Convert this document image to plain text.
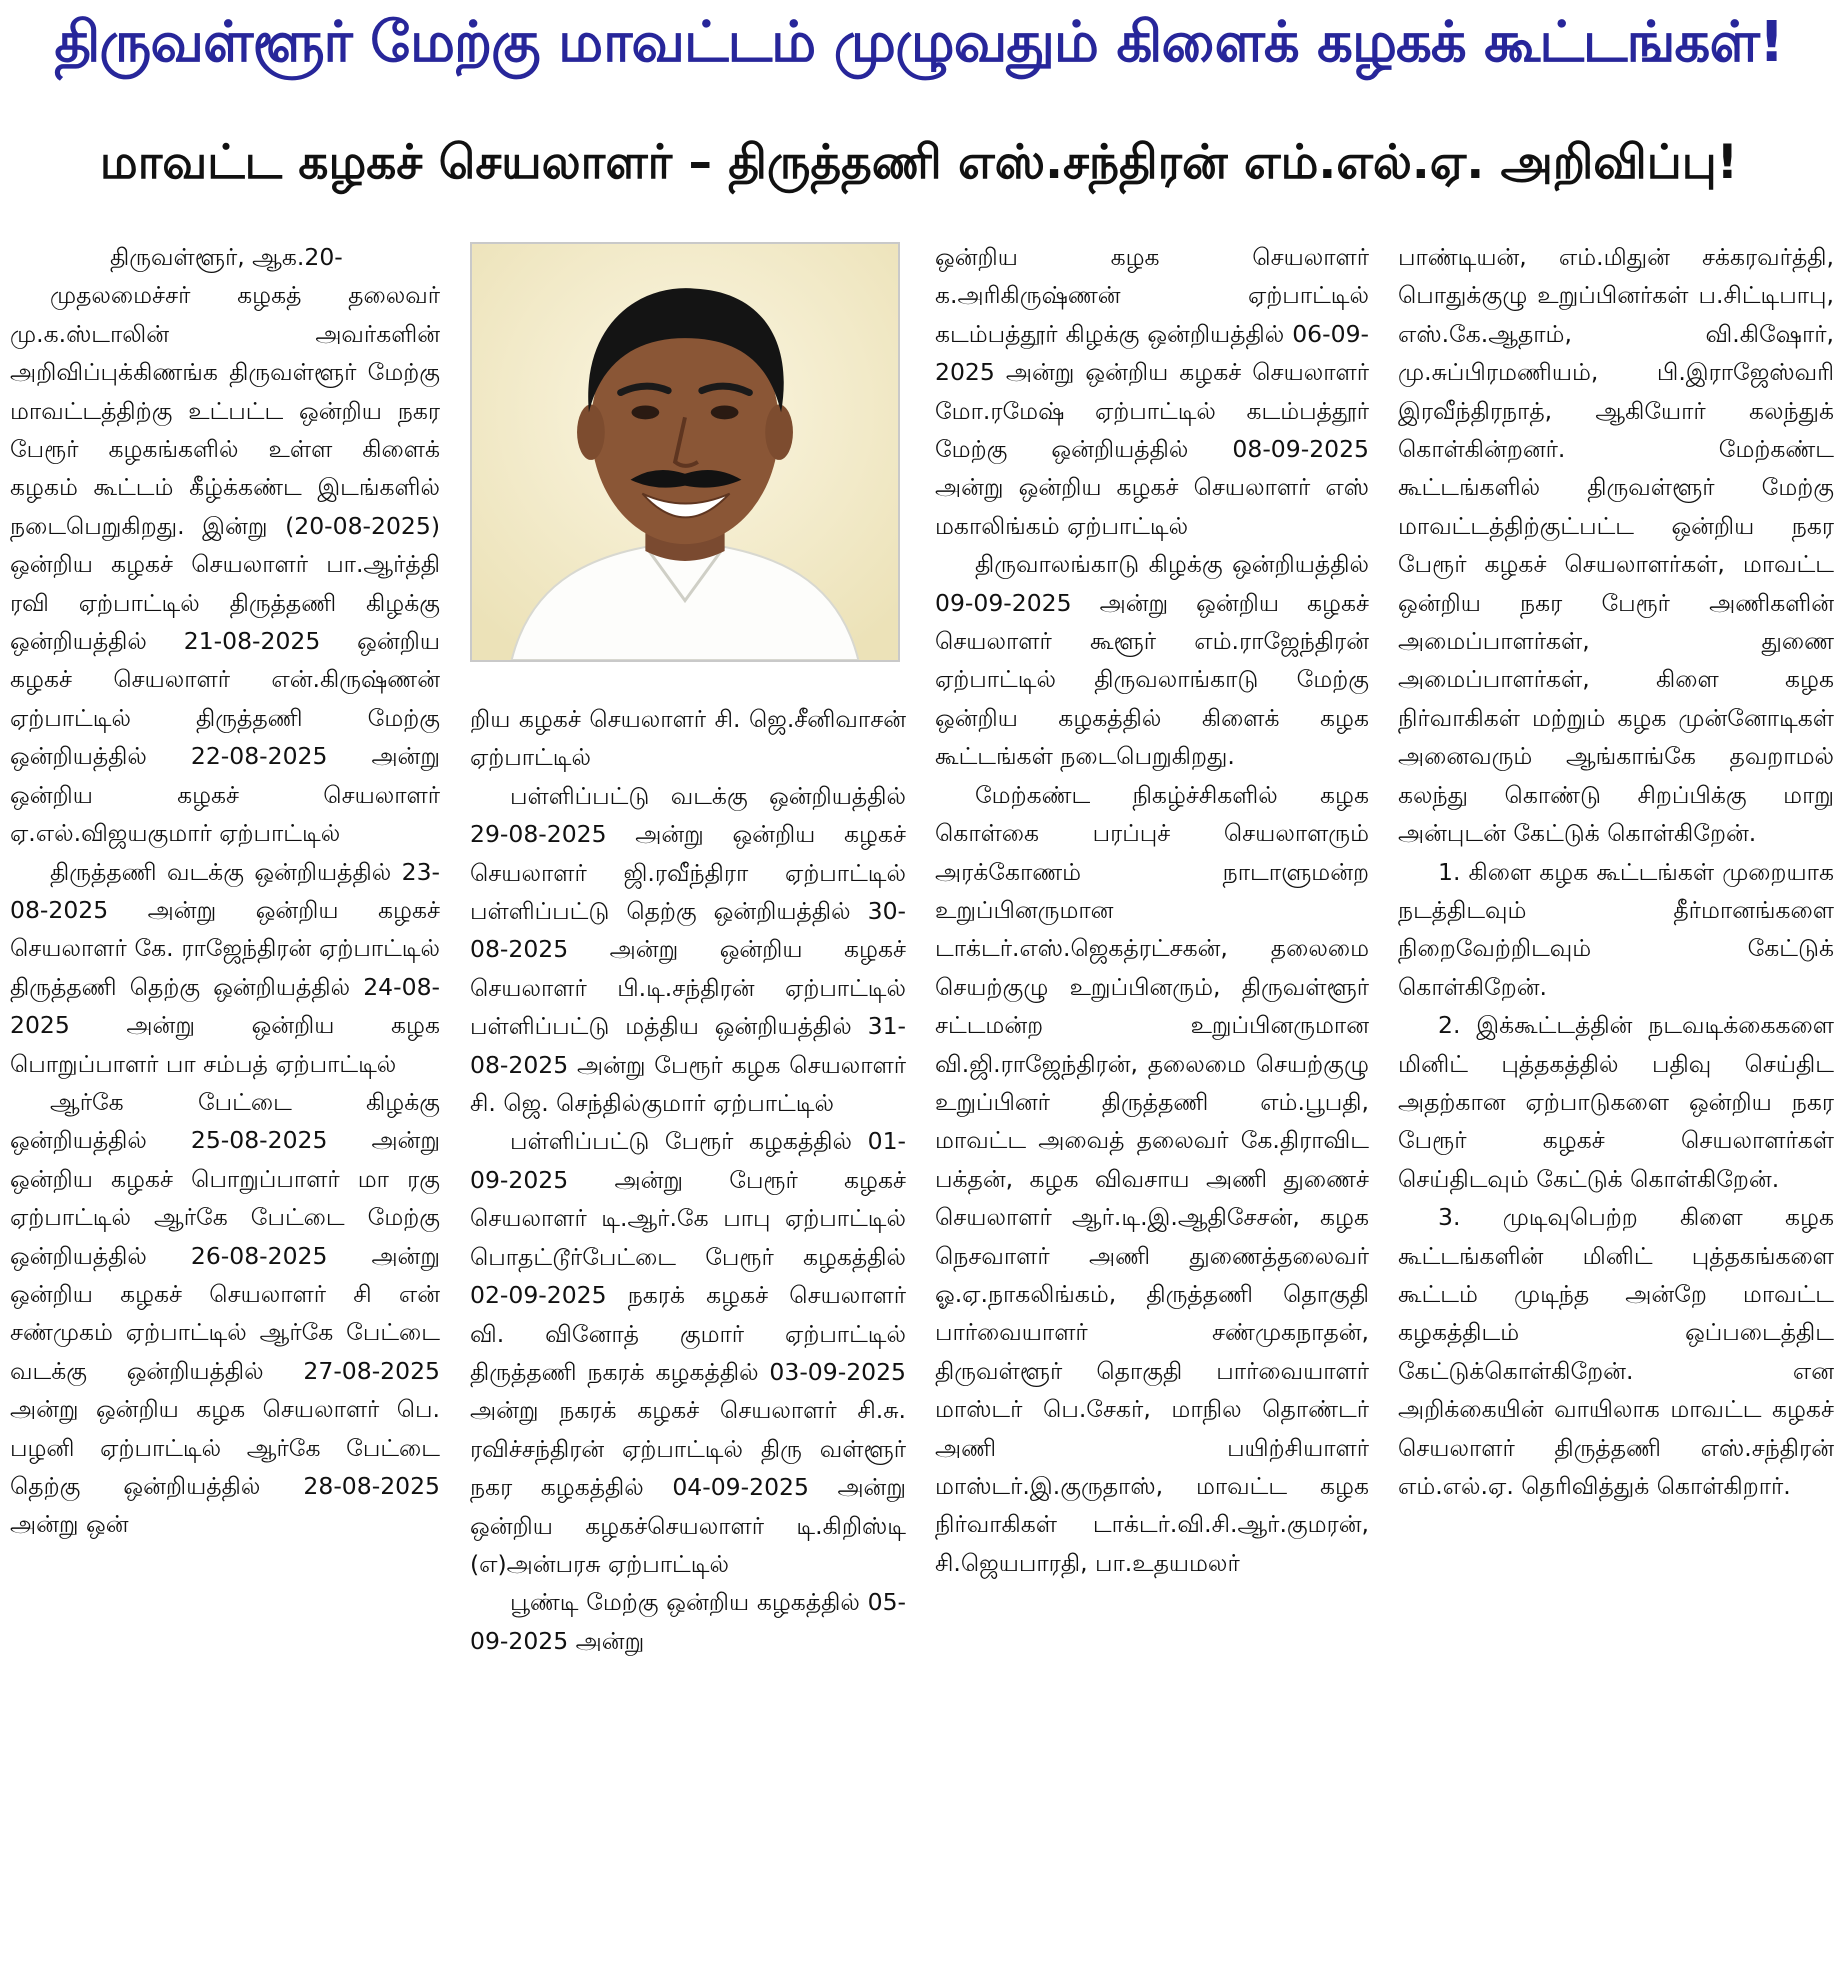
திருவள்ளூர் மேற்கு மாவட்டம் முழுவதும் கிளைக் கழகக் கூட்டங்கள்!
மாவட்ட கழகச் செயலாளர் – திருத்தணி எஸ்.சந்திரன் எம்.எல்.ஏ. அறிவிப்பு!

திருவள்ளூர், ஆக.20-

முதலமைச்சர் கழகத் தலைவர் மு.க.ஸ்டாலின் அவர்களின் அறிவிப்புக்கிணங்க திருவள்ளூர் மேற்கு மாவட்டத்திற்கு உட்பட்ட ஒன்றிய நகர பேரூர் கழகங்களில் உள்ள கிளைக் கழகம் கூட்டம் கீழ்க்கண்ட இடங்களில் நடைபெறுகிறது. இன்று (20-08-2025) ஒன்றிய கழகச் செயலாளர் பா.ஆர்த்தி ரவி ஏற்பாட்டில் திருத்தணி கிழக்கு ஒன்றியத்தில் 21-08-2025 ஒன்றிய கழகச் செயலாளர் என்.கிருஷ்ணன் ஏற்பாட்டில் திருத்தணி மேற்கு ஒன்றியத்தில் 22-08-2025 அன்று ஒன்றிய கழகச் செயலாளர் ஏ.எல்.விஜயகுமார் ஏற்பாட்டில்

திருத்தணி வடக்கு ஒன்றியத்தில் 23-08-2025 அன்று ஒன்றிய கழகச் செயலாளர் கே. ராஜேந்திரன் ஏற்பாட்டில் திருத்தணி தெற்கு ஒன்றியத்தில் 24-08-2025 அன்று ஒன்றிய கழக பொறுப்பாளர் பா சம்பத் ஏற்பாட்டில்

ஆர்கே பேட்டை கிழக்கு ஒன்றியத்தில் 25-08-2025 அன்று ஒன்றிய கழகச் பொறுப்பாளர் மா ரகு ஏற்பாட்டில் ஆர்கே பேட்டை மேற்கு ஒன்றியத்தில் 26-08-2025 அன்று ஒன்றிய கழகச் செயலாளர் சி என் சண்முகம் ஏற்பாட்டில் ஆர்கே பேட்டை வடக்கு ஒன்றியத்தில் 27-08-2025 அன்று ஒன்றிய கழக செயலாளர் பெ. பழனி ஏற்பாட்டில் ஆர்கே பேட்டை தெற்கு ஒன்றியத்தில் 28-08-2025 அன்று ஒன்

றிய கழகச் செயலாளர் சி. ஜெ.சீனிவாசன் ஏற்பாட்டில்

பள்ளிப்பட்டு வடக்கு ஒன்றியத்தில் 29-08-2025 அன்று ஒன்றிய கழகச் செயலாளர் ஜி.ரவீந்திரா ஏற்பாட்டில் பள்ளிப்பட்டு தெற்கு ஒன்றியத்தில் 30-08-2025 அன்று ஒன்றிய கழகச் செயலாளர் பி.டி.சந்திரன் ஏற்பாட்டில் பள்ளிப்பட்டு மத்திய ஒன்றியத்தில் 31-08-2025 அன்று பேரூர் கழக செயலாளர் சி. ஜெ. செந்தில்குமார் ஏற்பாட்டில்

பள்ளிப்பட்டு பேரூர் கழகத்தில் 01-09-2025 அன்று பேரூர் கழகச் செயலாளர் டி.ஆர்.கே பாபு ஏற்பாட்டில் பொதட்டூர்பேட்டை பேரூர் கழகத்தில் 02-09-2025 நகரக் கழகச் செயலாளர் வி. வினோத் குமார் ஏற்பாட்டில் திருத்தணி நகரக் கழகத்தில் 03-09-2025 அன்று நகரக் கழகச் செயலாளர் சி.சு. ரவிச்சந்திரன் ஏற்பாட்டில் திரு வள்ளூர் நகர கழகத்தில் 04-09-2025 அன்று ஒன்றிய கழகச்செயலாளர் டி.கிறிஸ்டி (எ)அன்பரசு ஏற்பாட்டில்

பூண்டி மேற்கு ஒன்றிய கழகத்தில் 05-09-2025 அன்று

ஒன்றிய கழக செயலாளர் க.அரிகிருஷ்ணன் ஏற்பாட்டில் கடம்பத்தூர் கிழக்கு ஒன்றியத்தில் 06-09-2025 அன்று ஒன்றிய கழகச் செயலாளர் மோ.ரமேஷ் ஏற்பாட்டில் கடம்பத்தூர் மேற்கு ஒன்றியத்தில் 08-09-2025 அன்று ஒன்றிய கழகச் செயலாளர் எஸ் மகாலிங்கம் ஏற்பாட்டில்

திருவாலங்காடு கிழக்கு ஒன்றியத்தில் 09-09-2025 அன்று ஒன்றிய கழகச் செயலாளர் கூளூர் எம்.ராஜேந்திரன் ஏற்பாட்டில் திருவலாங்காடு மேற்கு ஒன்றிய கழகத்தில் கிளைக் கழக கூட்டங்கள் நடைபெறுகிறது.

மேற்கண்ட நிகழ்ச்சிகளில் கழக கொள்கை பரப்புச் செயலாளரும் அரக்கோணம் நாடாளுமன்ற உறுப்பினருமான டாக்டர்.எஸ்.ஜெகத்ரட்சகன், தலைமை செயற்குழு உறுப்பினரும், திருவள்ளூர் சட்டமன்ற உறுப்பினருமான வி.ஜி.ராஜேந்திரன், தலைமை செயற்குழு உறுப்பினர் திருத்தணி எம்.பூபதி, மாவட்ட அவைத் தலைவர் கே.திராவிட பக்தன், கழக விவசாய அணி துணைச் செயலாளர் ஆர்.டி.இ.ஆதிசேசன், கழக நெசவாளர் அணி துணைத்தலைவர் ஓ.ஏ.நாகலிங்கம், திருத்தணி தொகுதி பார்வையாளர் சண்முகநாதன், திருவள்ளூர் தொகுதி பார்வையாளர் மாஸ்டர் பெ.சேகர், மாநில தொண்டர் அணி பயிற்சியாளர் மாஸ்டர்.இ.குருதாஸ், மாவட்ட கழக நிர்வாகிகள் டாக்டர்.வி.சி.ஆர்.குமரன், சி.ஜெயபாரதி, பா.உதயமலர்

பாண்டியன், எம்.மிதுன் சக்கரவர்த்தி, பொதுக்குழு உறுப்பினர்கள் ப.சிட்டிபாபு, எஸ்.கே.ஆதாம், வி.கிஷோர், மு.சுப்பிரமணியம், பி.இராஜேஸ்வரி இரவீந்திரநாத், ஆகியோர் கலந்துக் கொள்கின்றனர். மேற்கண்ட கூட்டங்களில் திருவள்ளூர் மேற்கு மாவட்டத்திற்குட்பட்ட ஒன்றிய நகர பேரூர் கழகச் செயலாளர்கள், மாவட்ட ஒன்றிய நகர பேரூர் அணிகளின் அமைப்பாளர்கள், துணை அமைப்பாளர்கள், கிளை கழக நிர்வாகிகள் மற்றும் கழக முன்னோடிகள் அனைவரும் ஆங்காங்கே தவறாமல் கலந்து கொண்டு சிறப்பிக்கு மாறு அன்புடன் கேட்டுக் கொள்கிறேன்.

1. கிளை கழக கூட்டங்கள் முறையாக நடத்திடவும் தீர்மானங்களை நிறைவேற்றிடவும் கேட்டுக் கொள்கிறேன்.

2. இக்கூட்டத்தின் நடவடிக்கைகளை மினிட் புத்தகத்தில் பதிவு செய்திட அதற்கான ஏற்பாடுகளை ஒன்றிய நகர பேரூர் கழகச் செயலாளர்கள் செய்திடவும் கேட்டுக் கொள்கிறேன்.

3. முடிவுபெற்ற கிளை கழக கூட்டங்களின் மினிட் புத்தகங்களை கூட்டம் முடிந்த அன்றே மாவட்ட கழகத்திடம் ஒப்படைத்திட கேட்டுக்கொள்கிறேன். என அறிக்கையின் வாயிலாக மாவட்ட கழகச் செயலாளர் திருத்தணி எஸ்.சந்திரன் எம்.எல்.ஏ. தெரிவித்துக் கொள்கிறார்.
